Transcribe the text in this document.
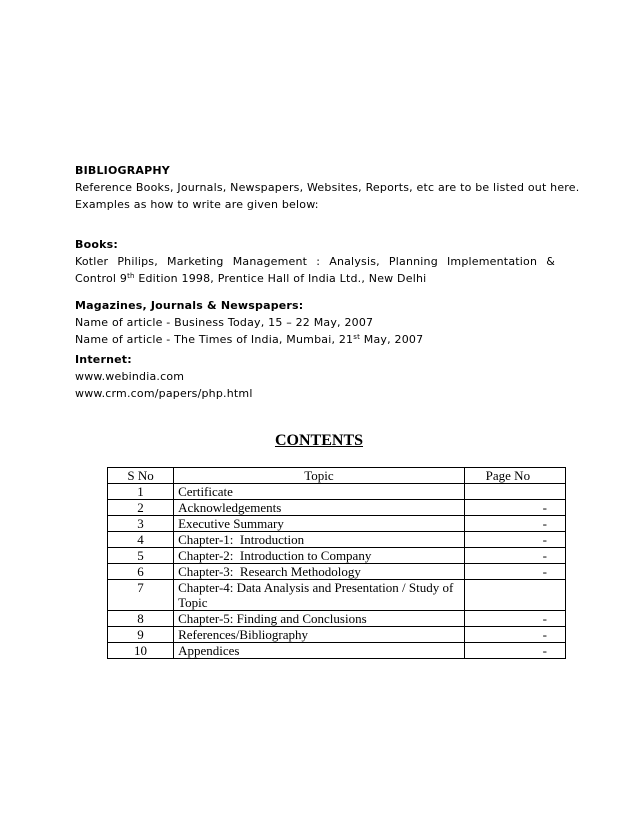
BIBLIOGRAPHY
Reference Books, Journals, Newspapers, Websites, Reports, etc are to be listed out here.
Examples as how to write are given below:
Books:
Kotler Philips, Marketing Management : Analysis, Planning Implementation &
Control 9th Edition 1998, Prentice Hall of India Ltd., New Delhi
Magazines, Journals & Newspapers:
Name of article - Business Today, 15 – 22 May, 2007
Name of article - The Times of India, Mumbai, 21st May, 2007
Internet:
www.webindia.com
www.crm.com/papers/php.html
CONTENTS
S No	Topic	Page No
1	Certificate	
2	Acknowledgements	-
3	Executive Summary	-
4	Chapter-1:  Introduction	-
5	Chapter-2:  Introduction to Company	-
6	Chapter-3:  Research Methodology	-
7	Chapter-4: Data Analysis and Presentation / Study of Topic	
8	Chapter-5: Finding and Conclusions	-
9	References/Bibliography	-
10	Appendices	-
